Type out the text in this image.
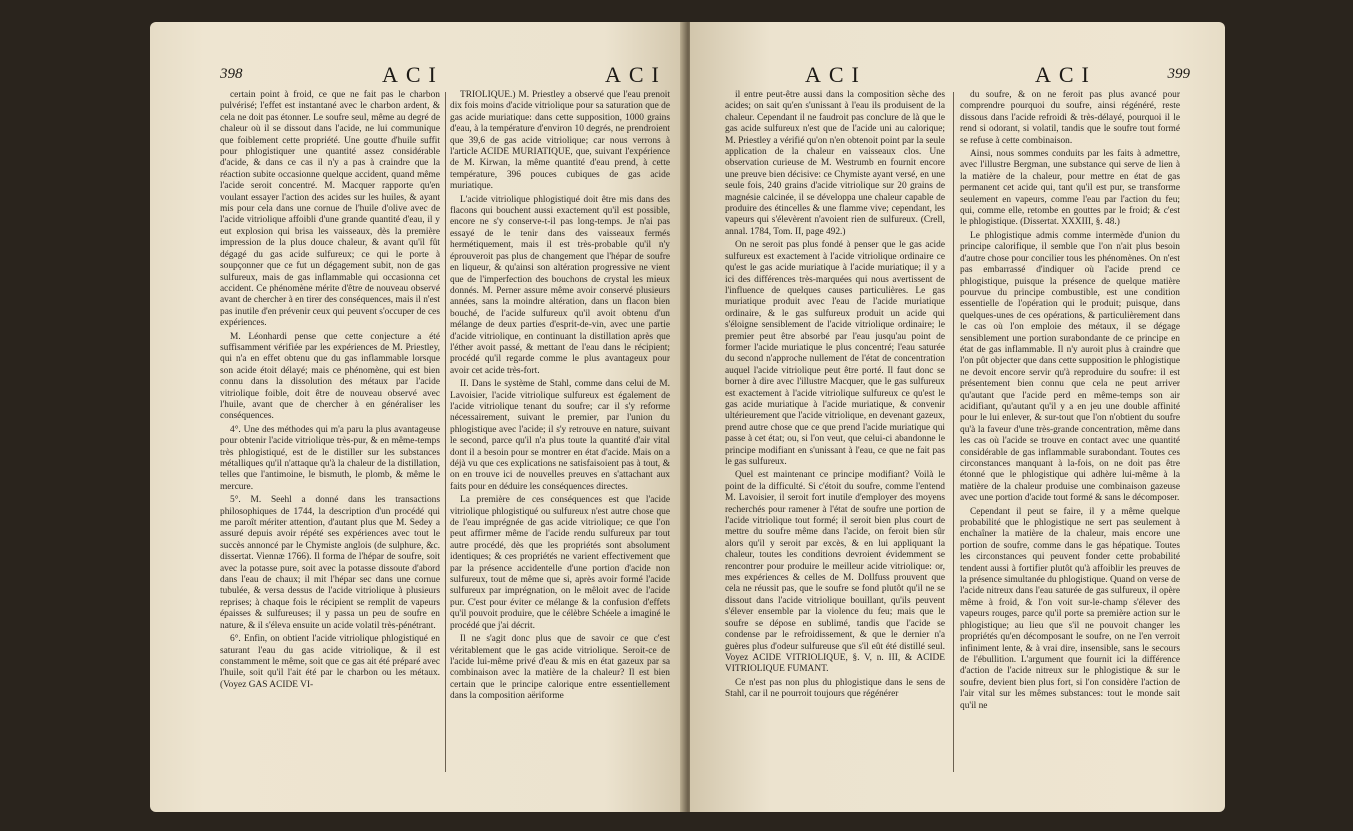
398	ACI	ACI

certain point à froid, ce que ne fait pas le charbon pulvérisé; l'effet est instantané avec le charbon ardent, & cela ne doit pas étonner. Le soufre seul, même au degré de chaleur où il se dissout dans l'acide, ne lui communique que foiblement cette propriété. Une goutte d'huile suffit pour phlogistiquer une quantité assez considérable d'acide, & dans ce cas il n'y a pas à craindre que la réaction subite occasionne quelque accident, quand même l'acide seroit concentré. M. Macquer rapporte qu'en voulant essayer l'action des acides sur les huiles, & ayant mis pour cela dans une cornue de l'huile d'olive avec de l'acide vitriolique affoibli d'une grande quantité d'eau, il y eut explosion qui brisa les vaisseaux, dès la première impression de la plus douce chaleur, & avant qu'il fût dégagé du gas acide sulfureux; ce qui le porte à soupçonner que ce fut un dégagement subit, non de gas sulfureux, mais de gas inflammable qui occasionna cet accident. Ce phénomène mérite d'être de nouveau observé avant de chercher à en tirer des conséquences, mais il n'est pas inutile d'en prévenir ceux qui peuvent s'occuper de ces expériences.

M. Léonhardi pense que cette conjecture a été suffisamment vérifiée par les expériences de M. Priestley, qui n'a en effet obtenu que du gas inflammable lorsque son acide étoit délayé; mais ce phénomène, qui est bien connu dans la dissolution des métaux par l'acide vitriolique foible, doit être de nouveau observé avec l'huile, avant que de chercher à en généraliser les conséquences.

4°. Une des méthodes qui m'a paru la plus avantageuse pour obtenir l'acide vitriolique très-pur, & en même-temps très phlogistiqué, est de le distiller sur les substances métalliques qu'il n'attaque qu'à la chaleur de la distillation, telles que l'antimoine, le bismuth, le plomb, & même le mercure.

5°. M. Seehl a donné dans les transactions philosophiques de 1744, la description d'un procédé qui me paroît mériter attention, d'autant plus que M. Sedey a assuré depuis avoir répété ses expériences avec tout le succès annoncé par le Chymiste anglois (de sulphure, &c. dissertat. Viennæ 1766). Il forma de l'hépar de soufre, soit avec la potasse pure, soit avec la potasse dissoute d'abord dans l'eau de chaux; il mit l'hépar sec dans une cornue tubulée, & versa dessus de l'acide vitriolique à plusieurs reprises; à chaque fois le récipient se remplit de vapeurs épaisses & sulfureuses; il y passa un peu de soufre en nature, & il s'éleva ensuite un acide volatil très-pénétrant.

6°. Enfin, on obtient l'acide vitriolique phlogistiqué en saturant l'eau du gas acide vitriolique, & il est constamment le même, soit que ce gas ait été préparé avec l'huile, soit qu'il l'ait été par le charbon ou les métaux. (Voyez GAS ACIDE VI-

TRIOLIQUE.) M. Priestley a observé que l'eau prenoit dix fois moins d'acide vitriolique pour sa saturation que de gas acide muriatique: dans cette supposition, 1000 grains d'eau, à la température d'environ 10 degrés, ne prendroient que 39,6 de gas acide vitriolique; car nous verrons à l'article ACIDE MURIATIQUE, que, suivant l'expérience de M. Kirwan, la même quantité d'eau prend, à cette température, 396 pouces cubiques de gas acide muriatique.

L'acide vitriolique phlogistiqué doit être mis dans des flacons qui bouchent aussi exactement qu'il est possible, encore ne s'y conserve-t-il pas long-temps. Je n'ai pas essayé de le tenir dans des vaisseaux fermés hermétiquement, mais il est très-probable qu'il n'y éprouveroit pas plus de changement que l'hépar de soufre en liqueur, & qu'ainsi son altération progressive ne vient que de l'imperfection des bouchons de crystal les mieux donnés. M. Perner assure même avoir conservé plusieurs années, sans la moindre altération, dans un flacon bien bouché, de l'acide sulfureux qu'il avoit obtenu d'un mélange de deux parties d'esprit-de-vin, avec une partie d'acide vitriolique, en continuant la distillation après que l'éther avoit passé, & mettant de l'eau dans le récipient; procédé qu'il regarde comme le plus avantageux pour avoir cet acide très-fort.

II. Dans le système de Stahl, comme dans celui de M. Lavoisier, l'acide vitriolique sulfureux est également de l'acide vitriolique tenant du soufre; car il s'y reforme nécessairement, suivant le premier, par l'union du phlogistique avec l'acide; il s'y retrouve en nature, suivant le second, parce qu'il n'a plus toute la quantité d'air vital dont il a besoin pour se montrer en état d'acide. Mais on a déjà vu que ces explications ne satisfaisoient pas à tout, & on en trouve ici de nouvelles preuves en s'attachant aux faits pour en déduire les conséquences directes.

La première de ces conséquences est que l'acide vitriolique phlogistiqué ou sulfureux n'est autre chose que de l'eau imprégnée de gas acide vitriolique; ce que l'on peut affirmer même de l'acide rendu sulfureux par tout autre procédé, dès que les propriétés sont absolument identiques; & ces propriétés ne varient effectivement que par la présence accidentelle d'une portion d'acide non sulfureux, tout de même que si, après avoir formé l'acide sulfureux par imprégnation, on le mêloit avec de l'acide pur. C'est pour éviter ce mélange & la confusion d'effets qu'il pouvoit produire, que le célèbre Schéele a imaginé le procédé que j'ai décrit.

Il ne s'agit donc plus que de savoir ce que c'est véritablement que le gas acide vitriolique. Seroit-ce de l'acide lui-même privé d'eau & mis en état gazeux par sa combinaison avec la matière de la chaleur? Il est bien certain que le principe calorique entre essentiellement dans la composition aëriforme

ACI	ACI	399

il entre peut-être aussi dans la composition sèche des acides; on sait qu'en s'unissant à l'eau ils produisent de la chaleur. Cependant il ne faudroit pas conclure de là que le gas acide sulfureux n'est que de l'acide uni au calorique; M. Priestley a vérifié qu'on n'en obtenoit point par la seule application de la chaleur en vaisseaux clos. Une observation curieuse de M. Westrumb en fournit encore une preuve bien décisive: ce Chymiste ayant versé, en une seule fois, 240 grains d'acide vitriolique sur 20 grains de magnésie calcinée, il se développa une chaleur capable de produire des étincelles & une flamme vive; cependant, les vapeurs qui s'élevèrent n'avoient rien de sulfureux. (Crell, annal. 1784, Tom. II, page 492.)

On ne seroit pas plus fondé à penser que le gas acide sulfureux est exactement à l'acide vitriolique ordinaire ce qu'est le gas acide muriatique à l'acide muriatique; il y a ici des différences très-marquées qui nous avertissent de l'influence de quelques causes particulières. Le gas muriatique produit avec l'eau de l'acide muriatique ordinaire, & le gas sulfureux produit un acide qui s'éloigne sensiblement de l'acide vitriolique ordinaire; le premier peut être absorbé par l'eau jusqu'au point de former l'acide muriatique le plus concentré; l'eau saturée du second n'approche nullement de l'état de concentration auquel l'acide vitriolique peut être porté. Il faut donc se borner à dire avec l'illustre Macquer, que le gas sulfureux est exactement à l'acide vitriolique sulfureux ce qu'est le gas acide muriatique à l'acide muriatique, & convenir ultérieurement que l'acide vitriolique, en devenant gazeux, prend autre chose que ce que prend l'acide muriatique qui passe à cet état; ou, si l'on veut, que celui-ci abandonne le principe modifiant en s'unissant à l'eau, ce que ne fait pas le gas sulfureux.

Quel est maintenant ce principe modifiant? Voilà le point de la difficulté. Si c'étoit du soufre, comme l'entend M. Lavoisier, il seroit fort inutile d'employer des moyens recherchés pour ramener à l'état de soufre une portion de l'acide vitriolique tout formé; il seroit bien plus court de mettre du soufre même dans l'acide, on feroit bien sûr alors qu'il y seroit par excès, & en lui appliquant la chaleur, toutes les conditions devroient évidemment se rencontrer pour produire le meilleur acide vitriolique: or, mes expériences & celles de M. Dollfuss prouvent que cela ne réussit pas, que le soufre se fond plutôt qu'il ne se dissout dans l'acide vitriolique bouillant, qu'ils peuvent s'élever ensemble par la violence du feu; mais que le soufre se dépose en sublimé, tandis que l'acide se condense par le refroidissement, & que le dernier n'a guères plus d'odeur sulfureuse que s'il eût été distillé seul. Voyez ACIDE VITRIOLIQUE, §. V, n. III, & ACIDE VITRIOLIQUE FUMANT.

Ce n'est pas non plus du phlogistique dans le sens de Stahl, car il ne pourroit toujours que régénérer

du soufre, & on ne feroit pas plus avancé pour comprendre pourquoi du soufre, ainsi régénéré, reste dissous dans l'acide refroidi & très-délayé, pourquoi il le rend si odorant, si volatil, tandis que le soufre tout formé se refuse à cette combinaison.

Ainsi, nous sommes conduits par les faits à admettre, avec l'illustre Bergman, une substance qui serve de lien à la matière de la chaleur, pour mettre en état de gas permanent cet acide qui, tant qu'il est pur, se transforme seulement en vapeurs, comme l'eau par l'action du feu; qui, comme elle, retombe en gouttes par le froid; & c'est le phlogistique. (Dissertat. XXXIII, §. 48.)

Le phlogistique admis comme intermède d'union du principe calorifique, il semble que l'on n'ait plus besoin d'autre chose pour concilier tous les phénomènes. On n'est pas embarrassé d'indiquer où l'acide prend ce phlogistique, puisque la présence de quelque matière pourvue du principe combustible, est une condition essentielle de l'opération qui le produit; puisque, dans quelques-unes de ces opérations, & particulièrement dans le cas où l'on emploie des métaux, il se dégage sensiblement une portion surabondante de ce principe en état de gas inflammable. Il n'y auroit plus à craindre que l'on pût objecter que dans cette supposition le phlogistique ne devoit encore servir qu'à reproduire du soufre: il est présentement bien connu que cela ne peut arriver qu'autant que l'acide perd en même-temps son air acidifiant, qu'autant qu'il y a en jeu une double affinité pour le lui enlever, & sur-tout que l'on n'obtient du soufre qu'à la faveur d'une très-grande concentration, même dans les cas où l'acide se trouve en contact avec une quantité considérable de gas inflammable surabondant. Toutes ces circonstances manquant à la-fois, on ne doit pas être étonné que le phlogistique qui adhère lui-même à la matière de la chaleur produise une combinaison gazeuse avec une portion d'acide tout formé & sans le décomposer.

Cependant il peut se faire, il y a même quelque probabilité que le phlogistique ne sert pas seulement à enchaîner la matière de la chaleur, mais encore une portion de soufre, comme dans le gas hépatique. Toutes les circonstances qui peuvent fonder cette probabilité tendent aussi à fortifier plutôt qu'à affoiblir les preuves de la présence simultanée du phlogistique. Quand on verse de l'acide nitreux dans l'eau saturée de gas sulfureux, il opère même à froid, & l'on voit sur-le-champ s'élever des vapeurs rouges, parce qu'il porte sa première action sur le phlogistique; au lieu que s'il ne pouvoit changer les propriétés qu'en décomposant le soufre, on ne l'en verroit infiniment lente, & à vrai dire, insensible, sans le secours de l'ébullition. L'argument que fournit ici la différence d'action de l'acide nitreux sur le phlogistique & sur le soufre, devient bien plus fort, si l'on considère l'action de l'air vital sur les mêmes substances: tout le monde sait qu'il ne
